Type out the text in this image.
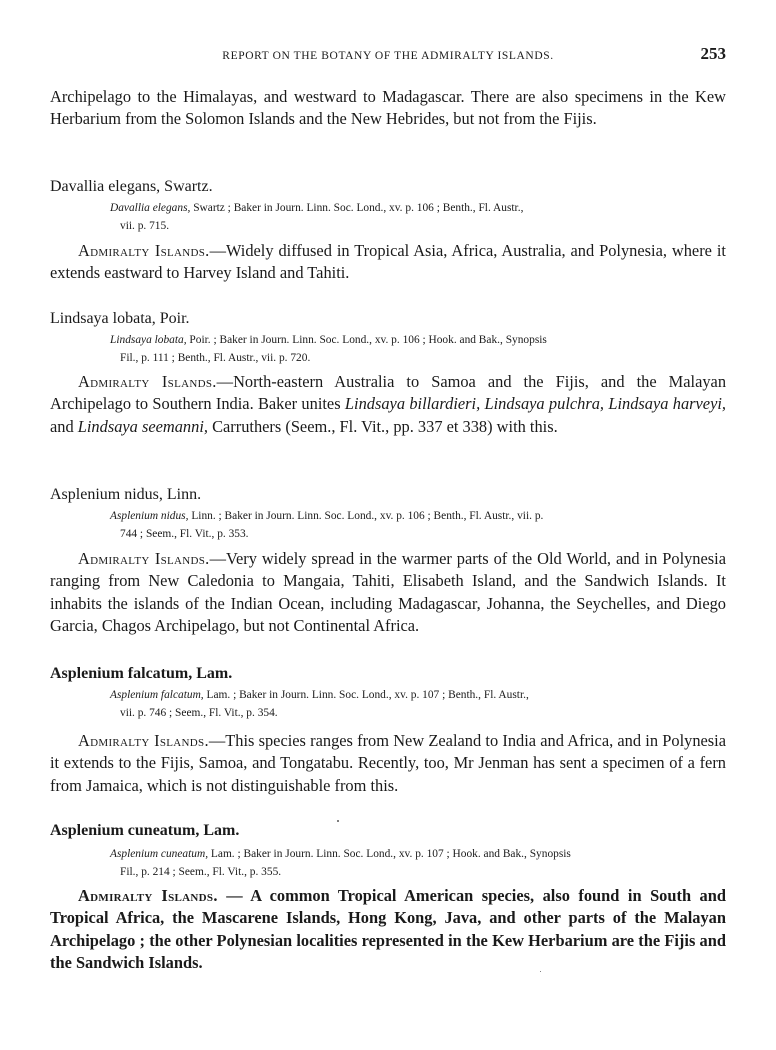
REPORT ON THE BOTANY OF THE ADMIRALTY ISLANDS.	253

Archipelago to the Himalayas, and westward to Madagascar. There are also specimens in the Kew Herbarium from the Solomon Islands and the New Hebrides, but not from the Fijis.

Davallia elegans, Swartz.

Davallia elegans, Swartz ; Baker in Journ. Linn. Soc. Lond., xv. p. 106 ; Benth., Fl. Austr.,
vii. p. 715.

Admiralty Islands.—Widely diffused in Tropical Asia, Africa, Australia, and Polynesia, where it extends eastward to Harvey Island and Tahiti.

Lindsaya lobata, Poir.

Lindsaya lobata, Poir. ; Baker in Journ. Linn. Soc. Lond., xv. p. 106 ; Hook. and Bak., Synopsis
Fil., p. 111 ; Benth., Fl. Austr., vii. p. 720.

Admiralty Islands.—North-eastern Australia to Samoa and the Fijis, and the Malayan Archipelago to Southern India. Baker unites Lindsaya billardieri, Lindsaya pulchra, Lindsaya harveyi, and Lindsaya seemanni, Carruthers (Seem., Fl. Vit., pp. 337 et 338) with this.

Asplenium nidus, Linn.

Asplenium nidus, Linn. ; Baker in Journ. Linn. Soc. Lond., xv. p. 106 ; Benth., Fl. Austr., vii. p.
744 ; Seem., Fl. Vit., p. 353.

Admiralty Islands.—Very widely spread in the warmer parts of the Old World, and in Polynesia ranging from New Caledonia to Mangaia, Tahiti, Elisabeth Island, and the Sandwich Islands. It inhabits the islands of the Indian Ocean, including Madagascar, Johanna, the Seychelles, and Diego Garcia, Chagos Archipelago, but not Continental Africa.

Asplenium falcatum, Lam.

Asplenium falcatum, Lam. ; Baker in Journ. Linn. Soc. Lond., xv. p. 107 ; Benth., Fl. Austr.,
vii. p. 746 ; Seem., Fl. Vit., p. 354.

Admiralty Islands.—This species ranges from New Zealand to India and Africa, and in Polynesia it extends to the Fijis, Samoa, and Tongatabu. Recently, too, Mr Jenman has sent a specimen of a fern from Jamaica, which is not distinguishable from this.

Asplenium cuneatum, Lam.

Asplenium cuneatum, Lam. ; Baker in Journ. Linn. Soc. Lond., xv. p. 107 ; Hook. and Bak., Synopsis
Fil., p. 214 ; Seem., Fl. Vit., p. 355.

Admiralty Islands. — A common Tropical American species, also found in South and Tropical Africa, the Mascarene Islands, Hong Kong, Java, and other parts of the Malayan Archipelago ; the other Polynesian localities represented in the Kew Herbarium are the Fijis and the Sandwich Islands.
